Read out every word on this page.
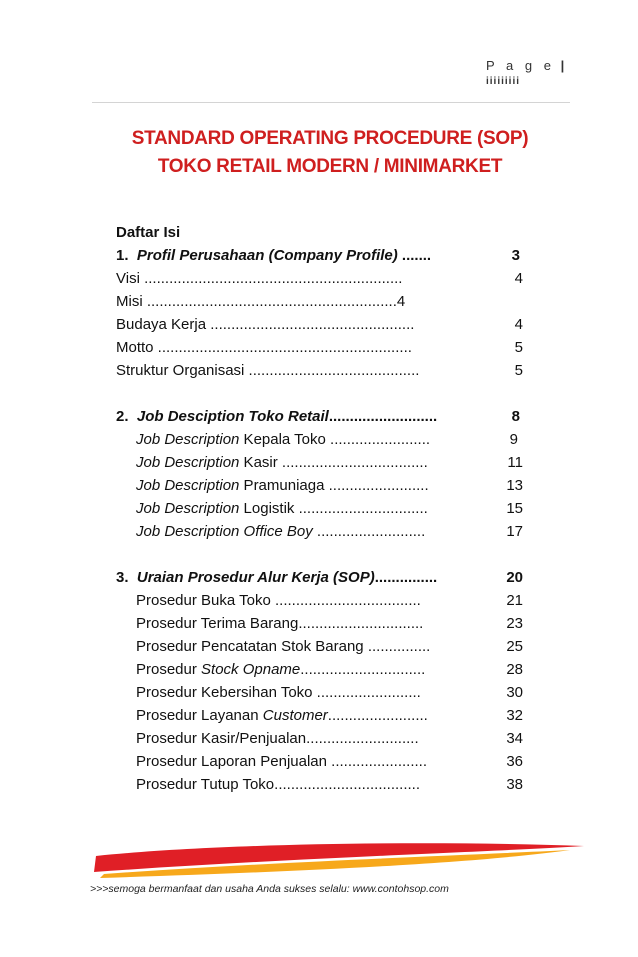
P a g e |
iiiiiiiii
STANDARD OPERATING PROCEDURE (SOP)
TOKO RETAIL MODERN / MINIMARKET
Daftar Isi
1. Profil Perusahaan (Company Profile) .......	3
Visi ..............................................................	4
Misi ............................................................4
Budaya Kerja .................................................	4
Motto .............................................................	5
Struktur Organisasi .........................................	5
2. Job Desciption Toko Retail..........................	8
Job Description Kepala Toko ........................	9
Job Description Kasir ...................................	11
Job Description Pramuniaga ........................	13
Job Description Logistik ...............................	15
Job Description Office Boy ..........................	17
3. Uraian Prosedur Alur Kerja (SOP)...............	20
Prosedur Buka Toko ...................................	21
Prosedur Terima Barang..............................	23
Prosedur Pencatatan Stok Barang ...............	25
Prosedur Stock Opname..............................	28
Prosedur Kebersihan Toko .........................	30
Prosedur Layanan Customer........................	32
Prosedur Kasir/Penjualan...........................	34
Prosedur Laporan Penjualan .......................	36
Prosedur Tutup Toko...................................	38
>>>semoga bermanfaat dan usaha Anda sukses selalu: www.contohsop.com
